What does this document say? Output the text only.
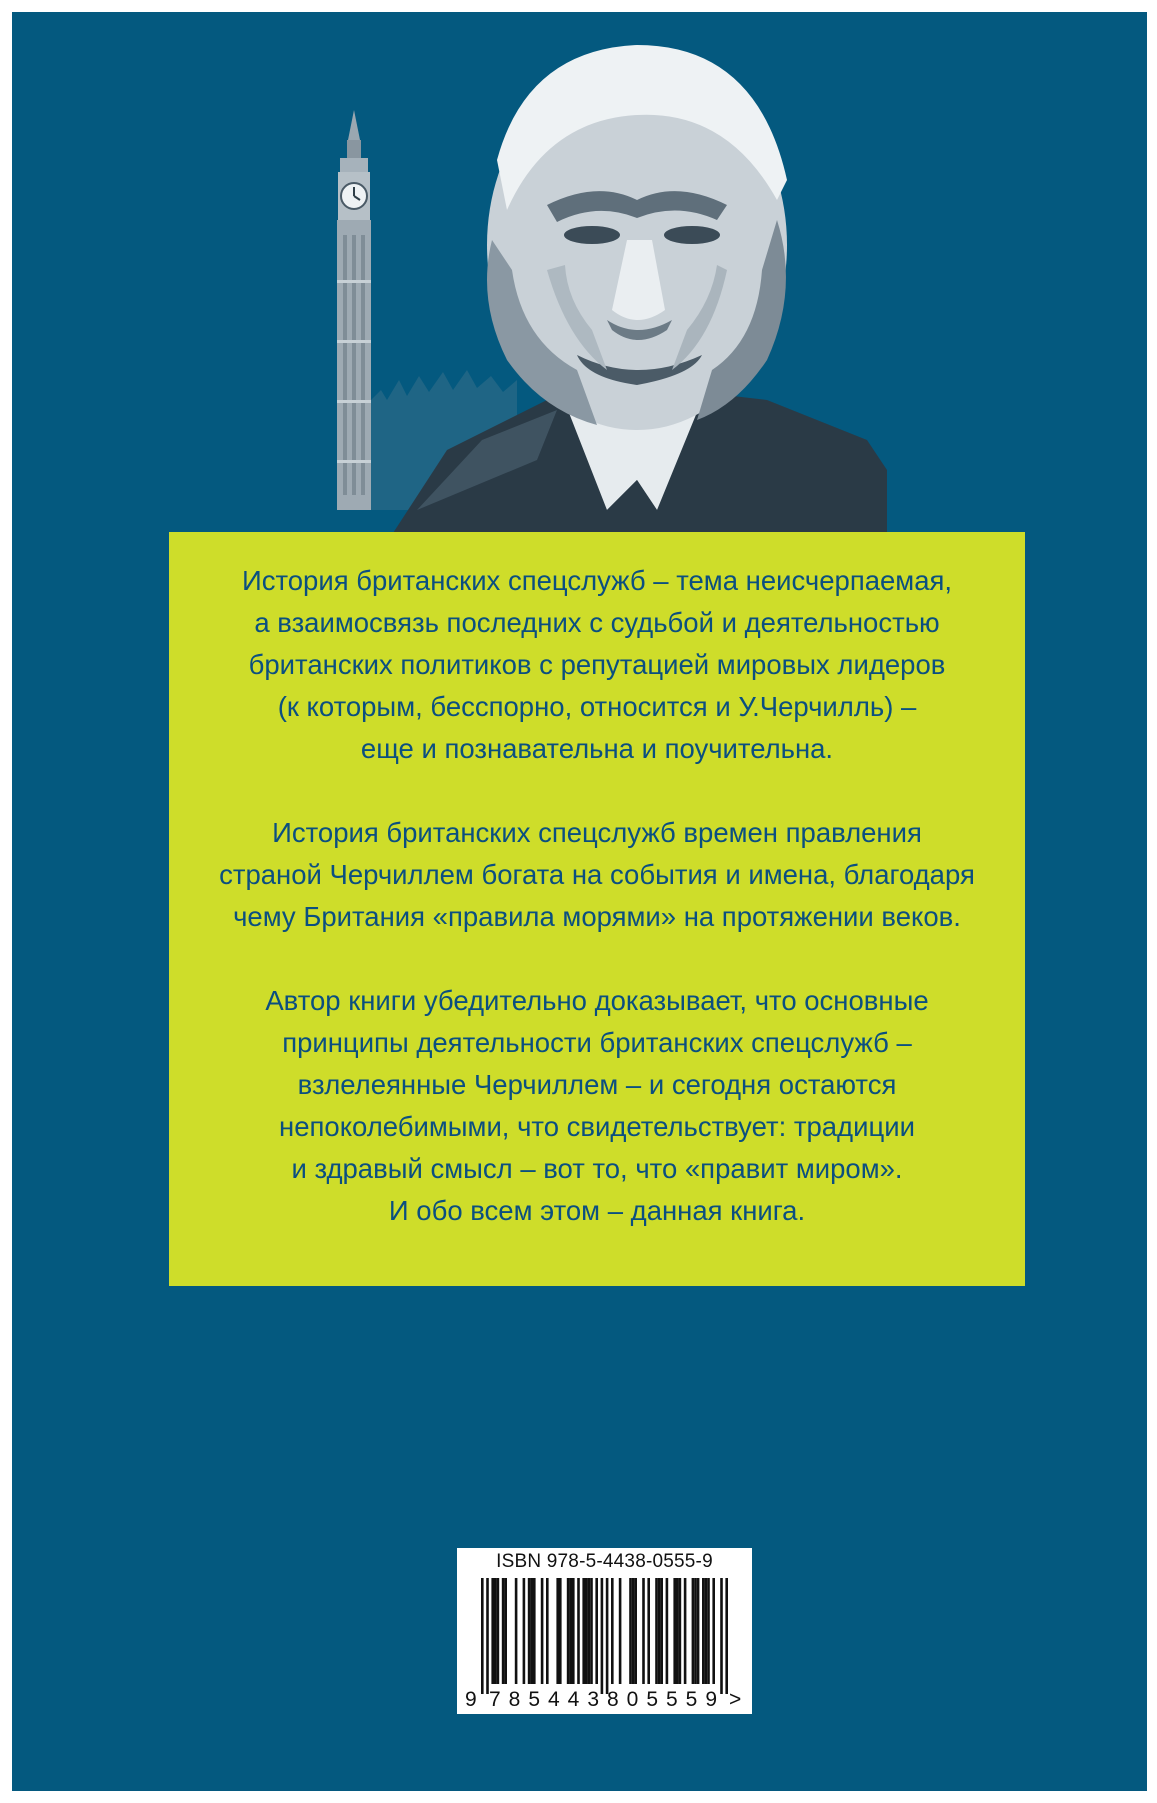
История британских спецслужб – тема неисчерпаемая,
а взаимосвязь последних с судьбой и деятельностью
британских политиков с репутацией мировых лидеров
(к которым, бесспорно, относится и У.Черчилль) –
еще и познавательна и поучительна.

История британских спецслужб времен правления
страной Черчиллем богата на события и имена, благодаря
чему Британия «правила морями» на протяжении веков.

Автор книги убедительно доказывает, что основные
принципы деятельности британских спецслужб –
взлелеянные Черчиллем – и сегодня остаются
непоколебимыми, что свидетельствует: традиции
и здравый смысл – вот то, что «правит миром».
И обо всем этом – данная книга.

ISBN 978-5-4438-0555-9
9 785443 805559 >
